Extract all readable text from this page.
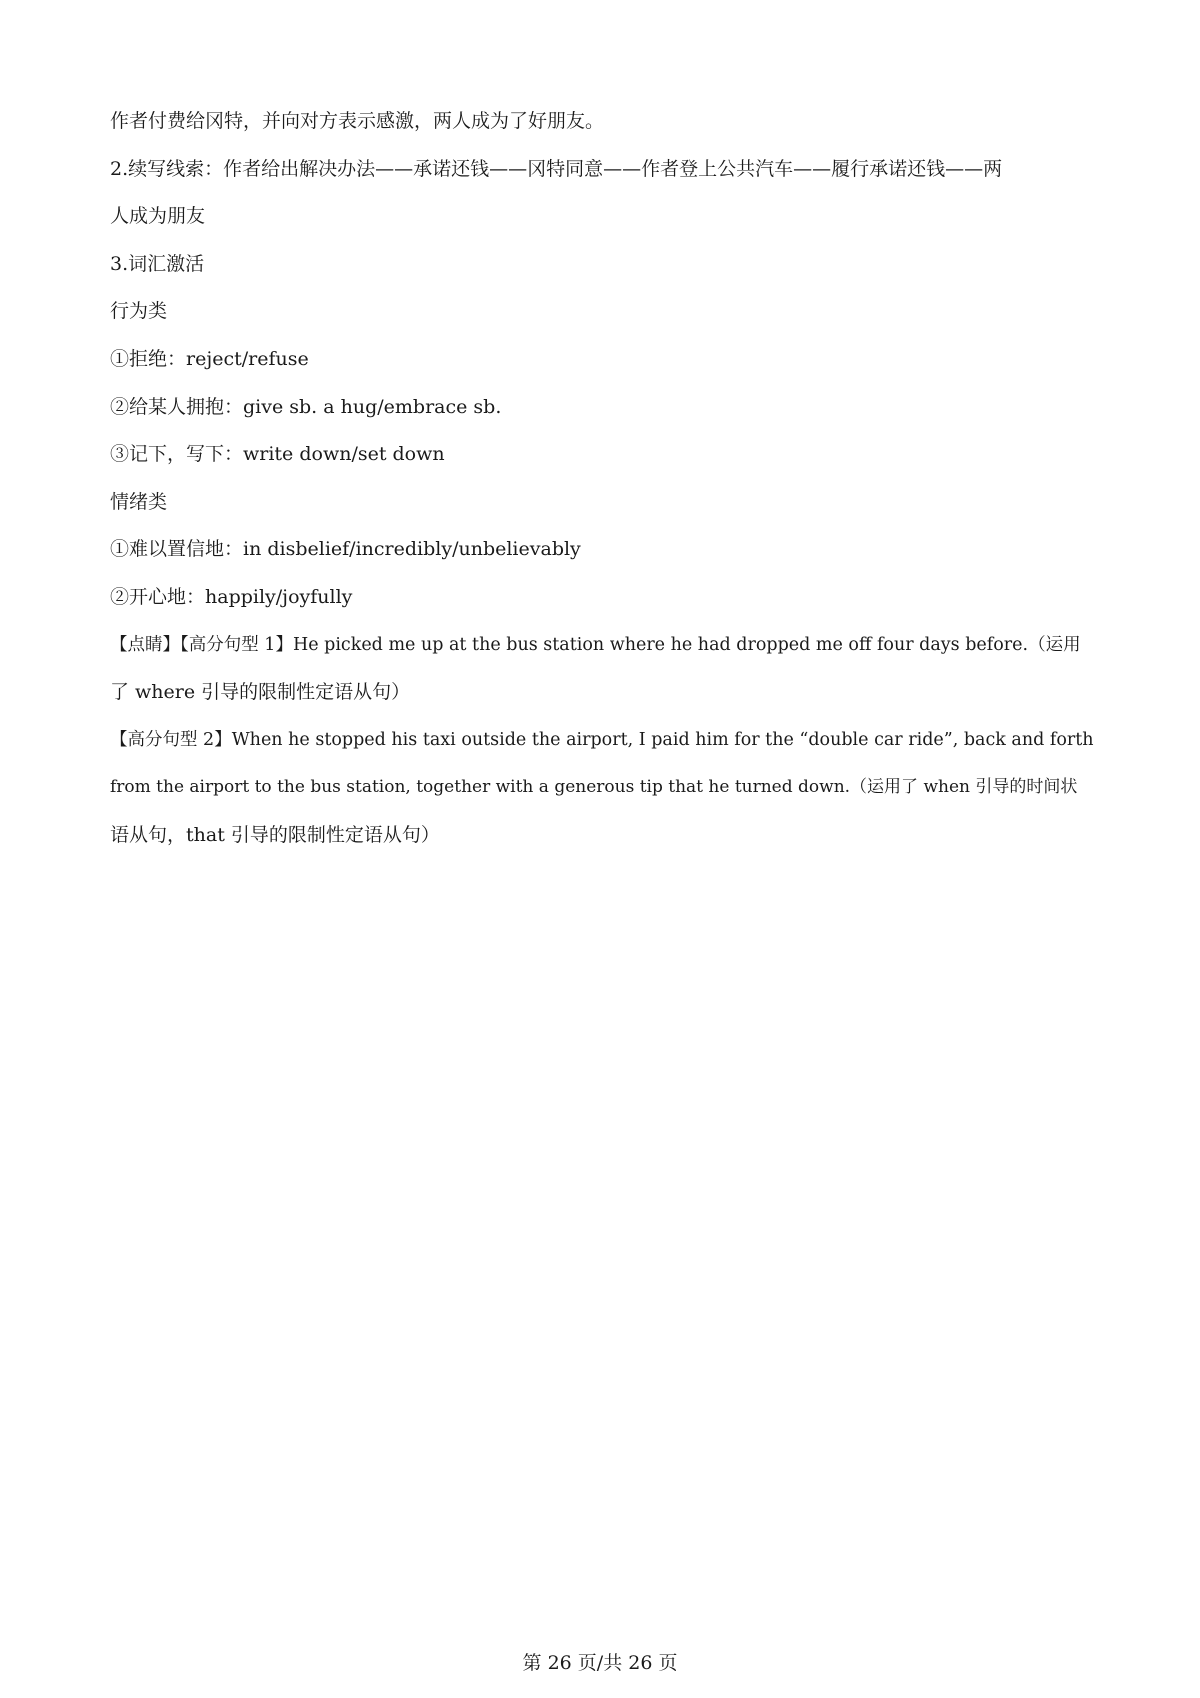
作者付费给冈特，并向对方表示感激，两人成为了好朋友。

2.续写线索：作者给出解决办法——承诺还钱——冈特同意——作者登上公共汽车——履行承诺还钱——两

人成为朋友

3.词汇激活

行为类

①拒绝：reject/refuse

②给某人拥抱：give sb. a hug/embrace sb.

③记下，写下：write down/set down

情绪类

①难以置信地：in disbelief/incredibly/unbelievably

②开心地：happily/joyfully

【点睛】【高分句型 1】He picked me up at the bus station where he had dropped me off four days before.（运用

了 where 引导的限制性定语从句）

【高分句型 2】When he stopped his taxi outside the airport, I paid him for the “double car ride”, back and forth

from the airport to the bus station, together with a generous tip that he turned down.（运用了 when 引导的时间状

语从句，that 引导的限制性定语从句）

第 26 页/共 26 页
